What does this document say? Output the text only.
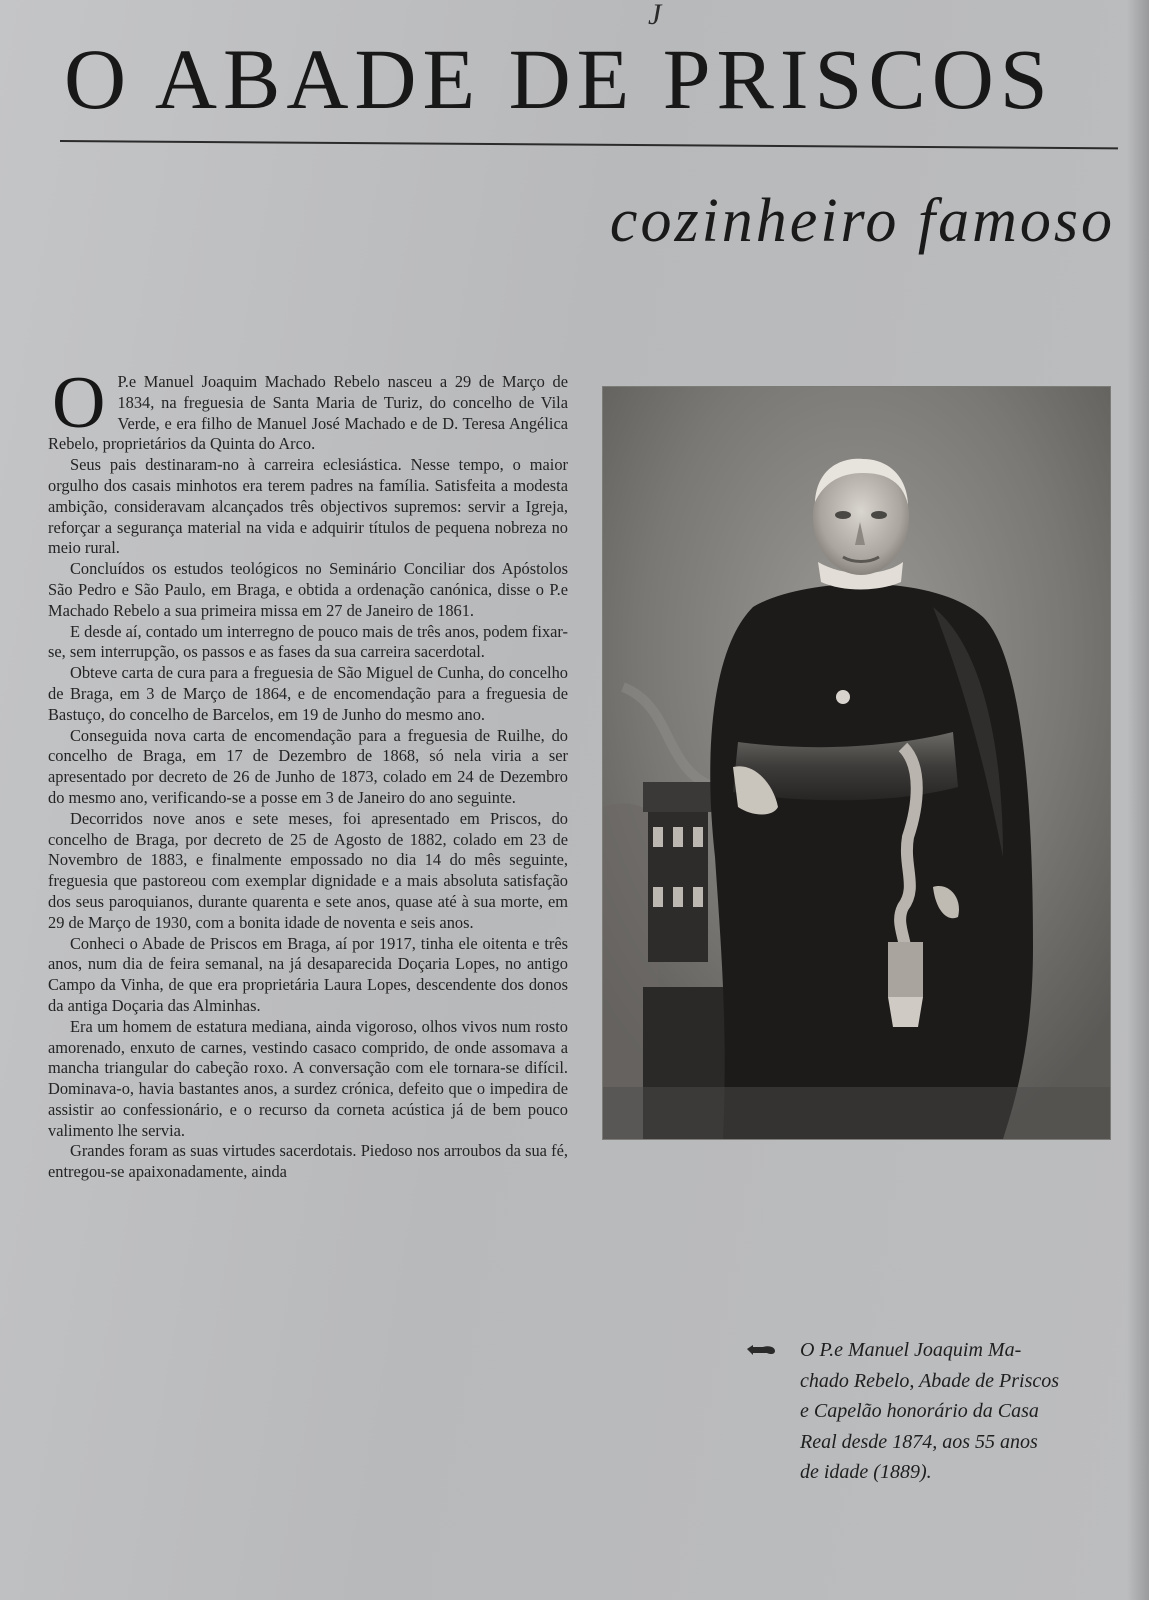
J
O ABADE DE PRISCOS
cozinheiro famoso

O P.e Manuel Joaquim Machado Rebelo nasceu a 29 de Março de 1834, na freguesia de Santa Maria de Turiz, do concelho de Vila Verde, e era filho de Manuel José Machado e de D. Teresa Angélica Rebelo, proprietários da Quinta do Arco.

Seus pais destinaram-no à carreira eclesiástica. Nesse tempo, o maior orgulho dos casais minhotos era terem padres na família. Satisfeita a modesta ambição, consideravam alcançados três objectivos supremos: servir a Igreja, reforçar a segurança material na vida e adquirir títulos de pequena nobreza no meio rural.

Concluídos os estudos teológicos no Seminário Conciliar dos Apóstolos São Pedro e São Paulo, em Braga, e obtida a ordenação canónica, disse o P.e Machado Rebelo a sua primeira missa em 27 de Janeiro de 1861.

E desde aí, contado um interregno de pouco mais de três anos, podem fixar-se, sem interrupção, os passos e as fases da sua carreira sacerdotal.

Obteve carta de cura para a freguesia de São Miguel de Cunha, do concelho de Braga, em 3 de Março de 1864, e de encomendação para a freguesia de Bastuço, do concelho de Barcelos, em 19 de Junho do mesmo ano.

Conseguida nova carta de encomendação para a freguesia de Ruilhe, do concelho de Braga, em 17 de Dezembro de 1868, só nela viria a ser apresentado por decreto de 26 de Junho de 1873, colado em 24 de Dezembro do mesmo ano, verificando-se a posse em 3 de Janeiro do ano seguinte.

Decorridos nove anos e sete meses, foi apresentado em Priscos, do concelho de Braga, por decreto de 25 de Agosto de 1882, colado em 23 de Novembro de 1883, e finalmente empossado no dia 14 do mês seguinte, freguesia que pastoreou com exemplar dignidade e a mais absoluta satisfação dos seus paroquianos, durante quarenta e sete anos, quase até à sua morte, em 29 de Março de 1930, com a bonita idade de noventa e seis anos.

Conheci o Abade de Priscos em Braga, aí por 1917, tinha ele oitenta e três anos, num dia de feira semanal, na já desaparecida Doçaria Lopes, no antigo Campo da Vinha, de que era proprietária Laura Lopes, descendente dos donos da antiga Doçaria das Alminhas.

Era um homem de estatura mediana, ainda vigoroso, olhos vivos num rosto amorenado, enxuto de carnes, vestindo casaco comprido, de onde assomava a mancha triangular do cabeção roxo. A conversação com ele tornara-se difícil. Dominava-o, havia bastantes anos, a surdez crónica, defeito que o impedira de assistir ao confessionário, e o recurso da corneta acústica já de bem pouco valimento lhe servia.

Grandes foram as suas virtudes sacerdotais. Piedoso nos arroubos da sua fé, entregou-se apaixonadamente, ainda

O P.e Manuel Joaquim Ma-
chado Rebelo, Abade de Priscos
e Capelão honorário da Casa
Real desde 1874, aos 55 anos
de idade (1889).
